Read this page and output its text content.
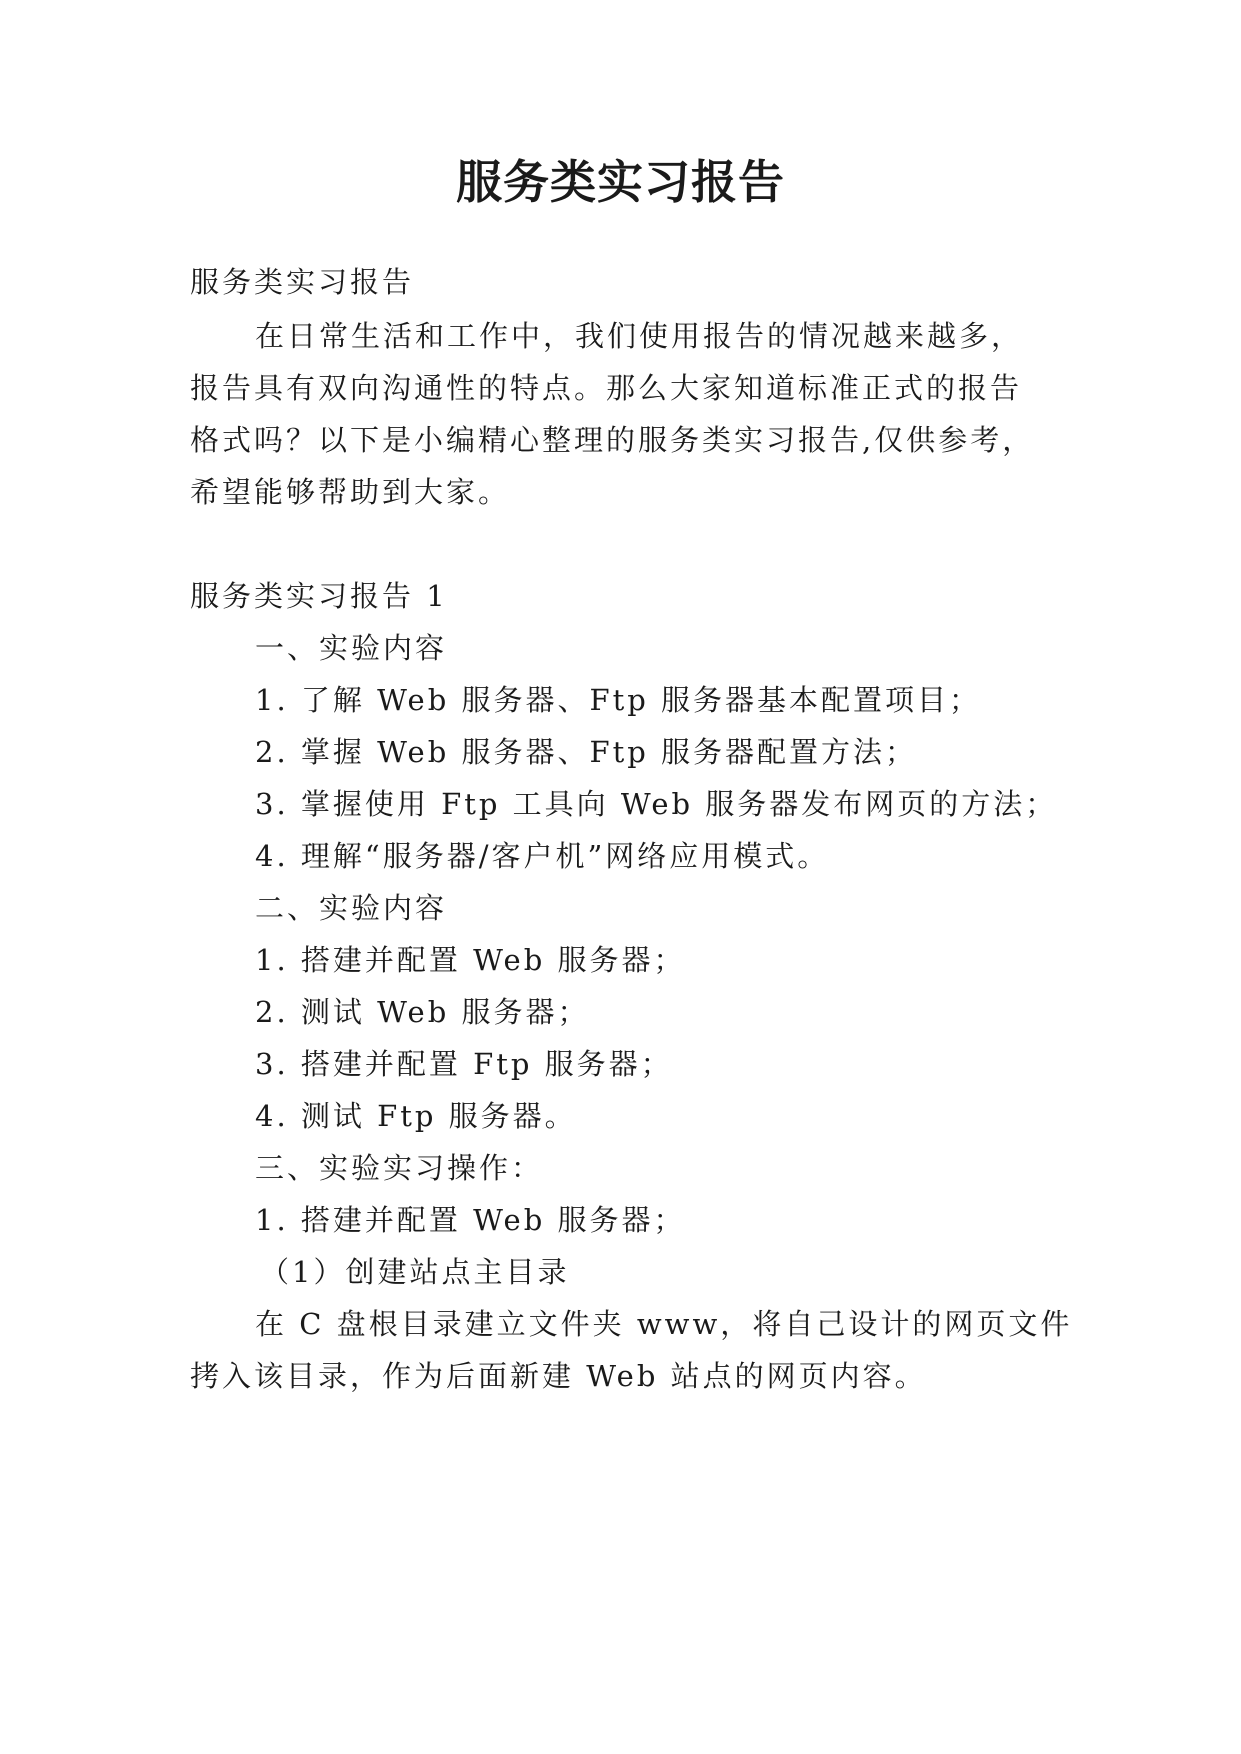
服务类实习报告

服务类实习报告

在日常生活和工作中，我们使用报告的情况越来越多，

报告具有双向沟通性的特点。那么大家知道标准正式的报告

格式吗？以下是小编精心整理的服务类实习报告,仅供参考，

希望能够帮助到大家。

服务类实习报告 1

一、实验内容

1. 了解 Web 服务器、Ftp 服务器基本配置项目；

2. 掌握 Web 服务器、Ftp 服务器配置方法；

3. 掌握使用 Ftp 工具向 Web 服务器发布网页的方法；

4. 理解“服务器/客户机”网络应用模式。

二、实验内容

1. 搭建并配置 Web 服务器；

2. 测试 Web 服务器；

3. 搭建并配置 Ftp 服务器；

4. 测试 Ftp 服务器。

三、实验实习操作：

1. 搭建并配置 Web 服务器；

（1）创建站点主目录

在 C 盘根目录建立文件夹 www，将自己设计的网页文件

拷入该目录，作为后面新建 Web 站点的网页内容。
